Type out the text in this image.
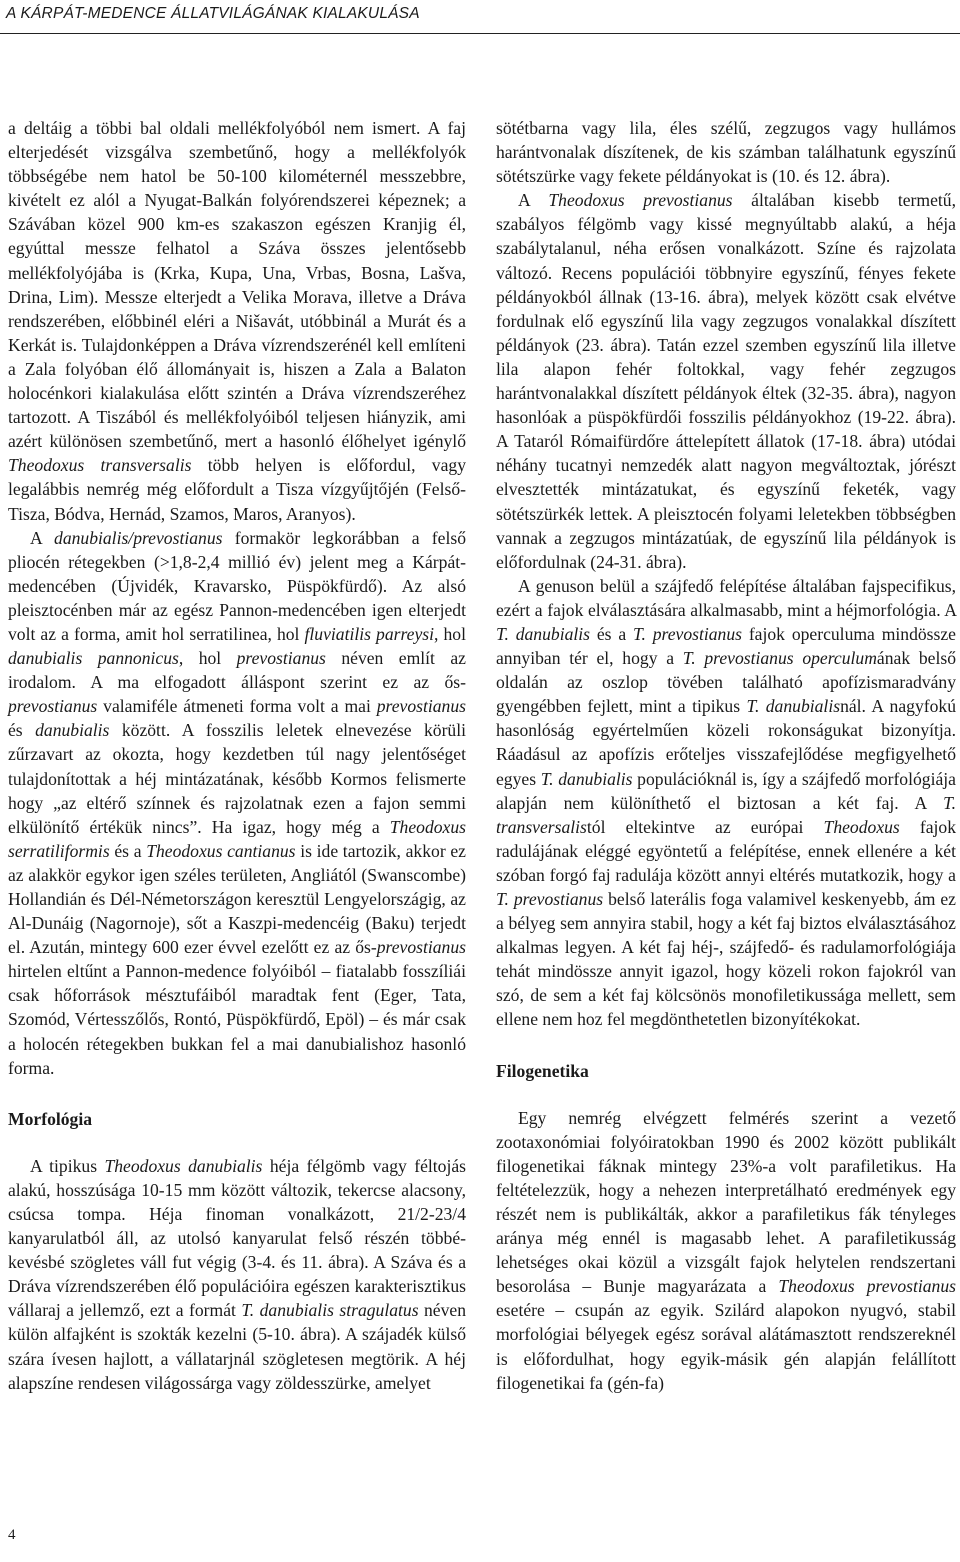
A KÁRPÁT-MEDENCE ÁLLATVILÁGÁNAK KIALAKULÁSA

a deltáig a többi bal oldali mellékfolyóból nem ismert. A faj elterjedését vizsgálva szembetűnő, hogy a mellékfolyók többségébe nem hatol be 50-100 kilométernél messzebbre, kivételt ez alól a Nyugat-Balkán folyórendszerei képeznek; a Szávában közel 900 km-es szakaszon egészen Kranjig él, egyúttal messze felhatol a Száva összes jelentősebb mellékfolyójába is (Krka, Kupa, Una, Vrbas, Bosna, Lašva, Drina, Lim). Messze elterjedt a Velika Morava, illetve a Dráva rendszerében, előbbinél eléri a Nišavát, utóbbinál a Murát és a Kerkát is. Tulajdonképpen a Dráva vízrendszerénél kell említeni a Zala folyóban élő állományait is, hiszen a Zala a Balaton holocénkori kialakulása előtt szintén a Dráva vízrendszeréhez tartozott. A Tiszából és mellékfolyóiból teljesen hiányzik, ami azért különösen szembetűnő, mert a hasonló élőhelyet igénylő Theodoxus transversalis több helyen is előfordul, vagy legalábbis nemrég még előfordult a Tisza vízgyűjtőjén (Felső-Tisza, Bódva, Hernád, Szamos, Maros, Aranyos).

A danubialis/prevostianus formakör legkorábban a felső pliocén rétegekben (>1,8-2,4 millió év) jelent meg a Kárpát-medencében (Újvidék, Kravarsko, Püspökfürdő). Az alsó pleisztocénben már az egész Pannon-medencében igen elterjedt volt az a forma, amit hol serratilinea, hol fluviatilis parreysi, hol danubialis pannonicus, hol prevostianus néven említ az irodalom. A ma elfogadott álláspont szerint ez az ős-prevostianus valamiféle átmeneti forma volt a mai prevostianus és danubialis között. A fosszilis leletek elnevezése körüli zűrzavart az okozta, hogy kezdetben túl nagy jelentőséget tulajdonítottak a héj mintázatának, később Kormos felismerte hogy „az eltérő színnek és rajzolatnak ezen a fajon semmi elkülönítő értékük nincs”. Ha igaz, hogy még a Theodoxus serratiliformis és a Theodoxus cantianus is ide tartozik, akkor ez az alakkör egykor igen széles területen, Angliától (Swanscombe) Hollandián és Dél-Németországon keresztül Lengyelországig, az Al-Dunáig (Nagornoje), sőt a Kaszpi-medencéig (Baku) terjedt el. Azután, mintegy 600 ezer évvel ezelőtt ez az ős-prevostianus hirtelen eltűnt a Pannon-medence folyóiból – fiatalabb fosszíliái csak hőforrások mésztufáiból maradtak fent (Eger, Tata, Szomód, Vértesszőlős, Rontó, Püspökfürdő, Epöl) – és már csak a holocén rétegekben bukkan fel a mai danubialishoz hasonló forma.

Morfológia

A tipikus Theodoxus danubialis héja félgömb vagy féltojás alakú, hosszúsága 10-15 mm között változik, tekercse alacsony, csúcsa tompa. Héja finoman vonalkázott, 21/2-23/4 kanyarulatból áll, az utolsó kanyarulat felső részén többé-kevésbé szögletes váll fut végig (3-4. és 11. ábra). A Száva és a Dráva vízrendszerében élő populációira egészen karakterisztikus vállaraj a jellemző, ezt a formát T. danubialis stragulatus néven külön alfajként is szokták kezelni (5-10. ábra). A szájadék külső szára ívesen hajlott, a vállatarjnál szögletesen megtörik. A héj alapszíne rendesen világossárga vagy zöldesszürke, amelyet

sötétbarna vagy lila, éles szélű, zegzugos vagy hullámos harántvonalak díszítenek, de kis számban találhatunk egyszínű sötétszürke vagy fekete példányokat is (10. és 12. ábra).

A Theodoxus prevostianus általában kisebb termetű, szabályos félgömb vagy kissé megnyúltabb alakú, a héja szabálytalanul, néha erősen vonalkázott. Színe és rajzolata változó. Recens populációi többnyire egyszínű, fényes fekete példányokból állnak (13-16. ábra), melyek között csak elvétve fordulnak elő egyszínű lila vagy zegzugos vonalakkal díszített példányok (23. ábra). Tatán ezzel szemben egyszínű lila illetve lila alapon fehér foltokkal, vagy fehér zegzugos harántvonalakkal díszített példányok éltek (32-35. ábra), nagyon hasonlóak a püspökfürdői fosszilis példányokhoz (19-22. ábra). A Tataról Rómaifürdőre áttelepített állatok (17-18. ábra) utódai néhány tucatnyi nemzedék alatt nagyon megváltoztak, jórészt elvesztették mintázatukat, és egyszínű feketék, vagy sötétszürkék lettek. A pleisztocén folyami leletekben többségben vannak a zegzugos mintázatúak, de egyszínű lila példányok is előfordulnak (24-31. ábra).

A genuson belül a szájfedő felépítése általában fajspecifikus, ezért a fajok elválasztására alkalmasabb, mint a héjmorfológia. A T. danubialis és a T. prevostianus fajok operculuma mindössze annyiban tér el, hogy a T. prevostianus operculumának belső oldalán az oszlop tövében található apofízismaradvány gyengébben fejlett, mint a tipikus T. danubialisnál. A nagyfokú hasonlóság egyértelműen közeli rokonságukat bizonyítja. Ráadásul az apofízis erőteljes visszafejlődése megfigyelhető egyes T. danubialis populációknál is, így a szájfedő morfológiája alapján nem különíthető el biztosan a két faj. A T. transversalistól eltekintve az európai Theodoxus fajok radulájának eléggé egyöntetű a felépítése, ennek ellenére a két szóban forgó faj radulája között annyi eltérés mutatkozik, hogy a T. prevostianus belső laterális foga valamivel keskenyebb, ám ez a bélyeg sem annyira stabil, hogy a két faj biztos elválasztásához alkalmas legyen. A két faj héj-, szájfedő- és radulamorfológiája tehát mindössze annyit igazol, hogy közeli rokon fajokról van szó, de sem a két faj kölcsönös monofiletikussága mellett, sem ellene nem hoz fel megdönthetetlen bizonyítékokat.

Filogenetika

Egy nemrég elvégzett felmérés szerint a vezető zootaxonómiai folyóiratokban 1990 és 2002 között publikált filogenetikai fáknak mintegy 23%-a volt parafiletikus. Ha feltételezzük, hogy a nehezen interpretálható eredmények egy részét nem is publikálták, akkor a parafiletikus fák tényleges aránya még ennél is magasabb lehet. A parafiletikusság lehetséges okai közül a vizsgált fajok helytelen rendszertani besorolása – Bunje magyarázata a Theodoxus prevostianus esetére – csupán az egyik. Szilárd alapokon nyugvó, stabil morfológiai bélyegek egész sorával alátámasztott rendszereknél is előfordulhat, hogy egyik-másik gén alapján felállított filogenetikai fa (gén-fa)

4
